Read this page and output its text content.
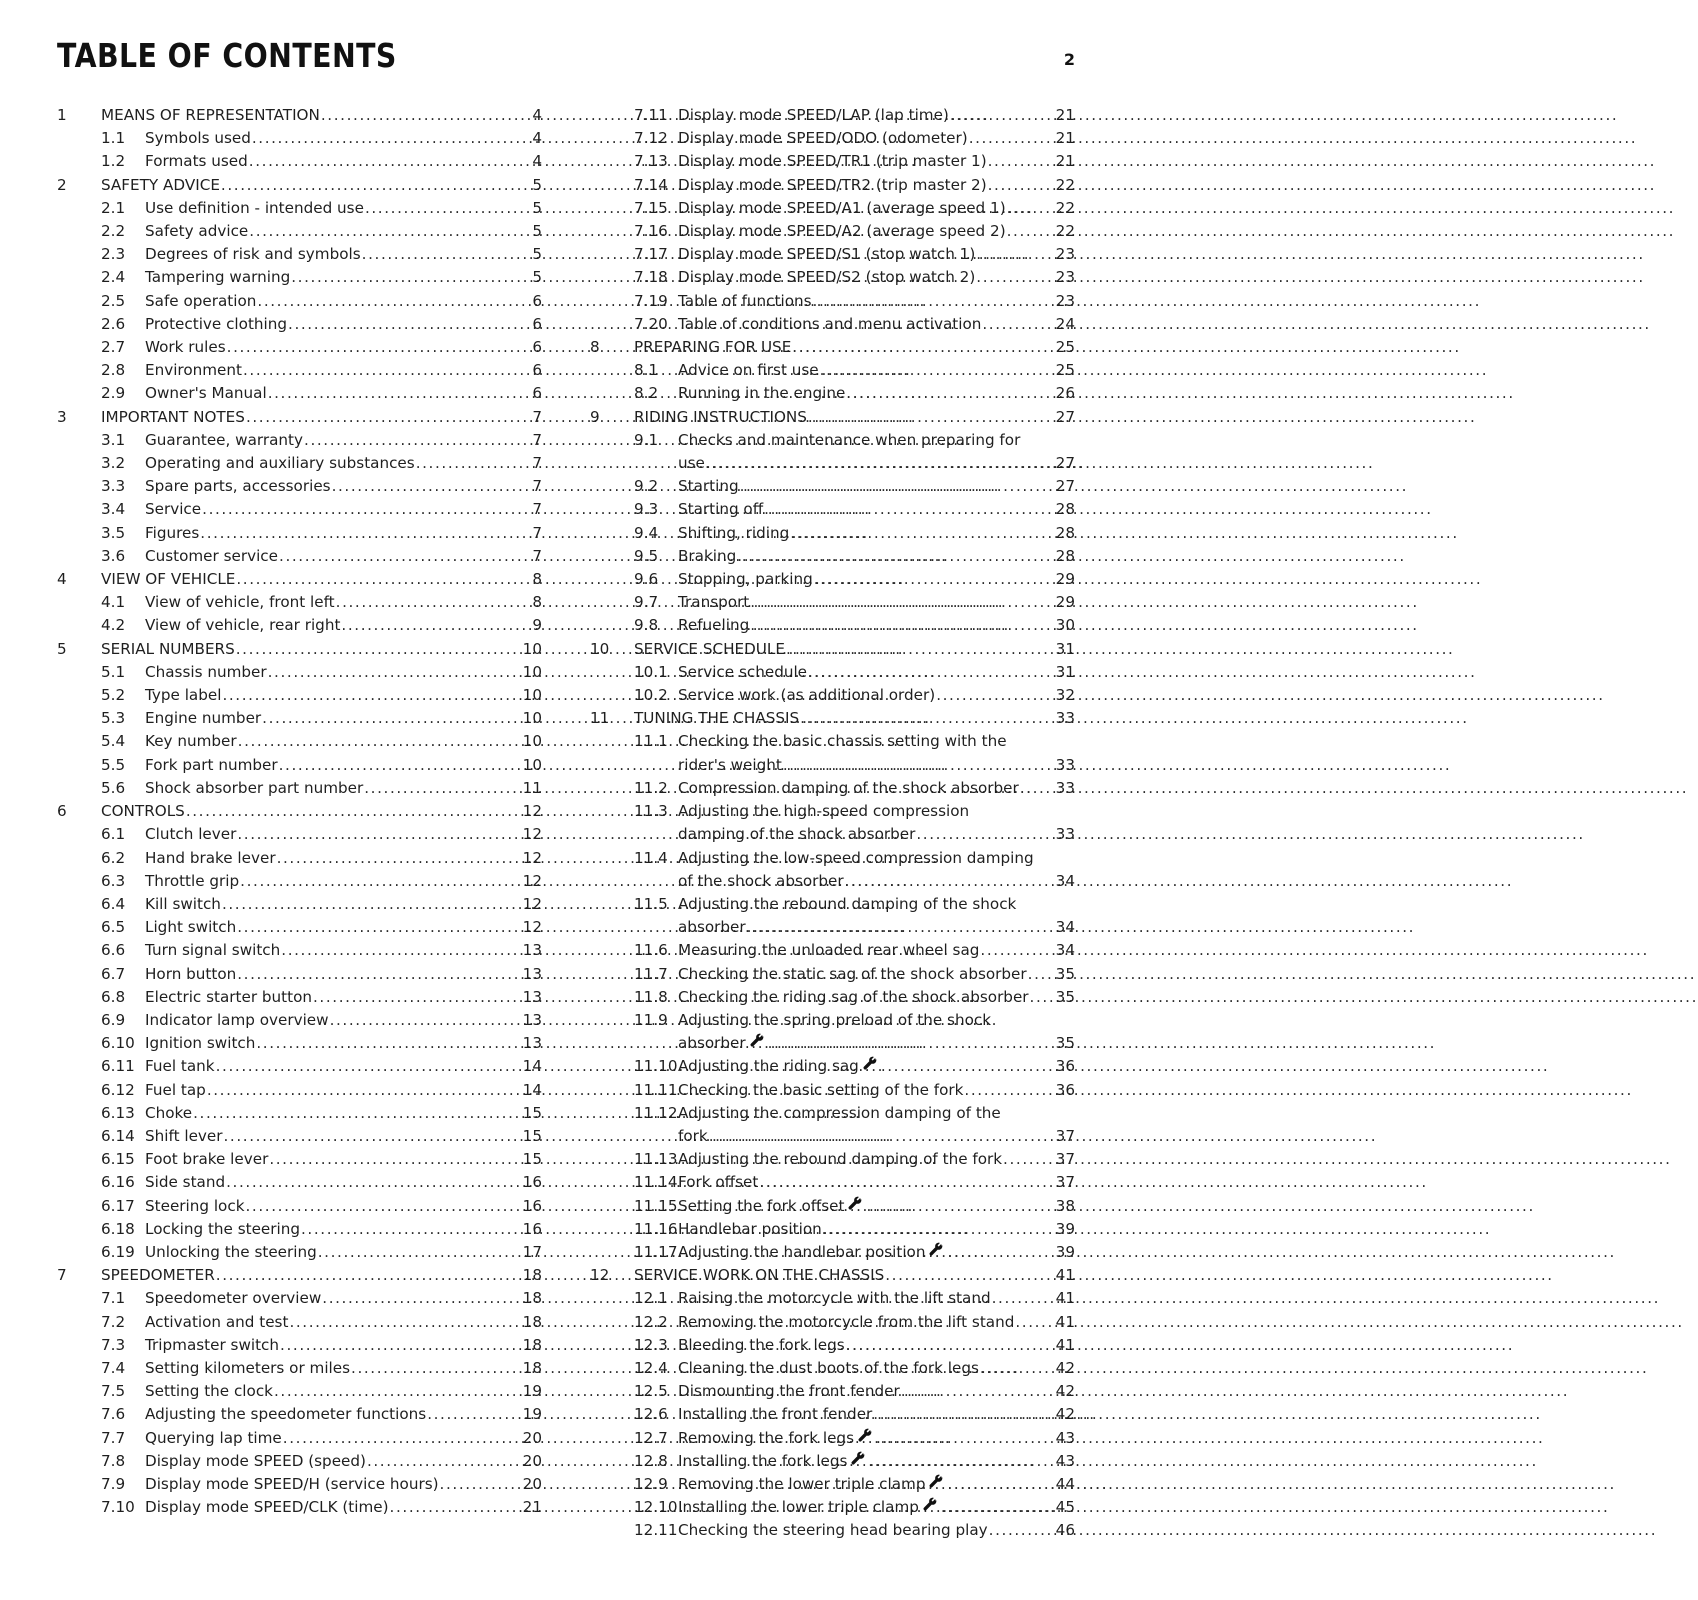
TABLE OF CONTENTS	2
1	MEANS OF REPRESENTATION .....	4
1.1	Symbols used .....	4
1.2	Formats used .....	4
2	SAFETY ADVICE .....	5
2.1	Use definition - intended use .....	5
2.2	Safety advice .....	5
2.3	Degrees of risk and symbols .....	5
2.4	Tampering warning .....	5
2.5	Safe operation .....	6
2.6	Protective clothing .....	6
2.7	Work rules .....	6
2.8	Environment .....	6
2.9	Owner's Manual .....	6
3	IMPORTANT NOTES .....	7
3.1	Guarantee, warranty .....	7
3.2	Operating and auxiliary substances .....	7
3.3	Spare parts, accessories .....	7
3.4	Service .....	7
3.5	Figures .....	7
3.6	Customer service .....	7
4	VIEW OF VEHICLE .....	8
4.1	View of vehicle, front left .....	8
4.2	View of vehicle, rear right .....	9
5	SERIAL NUMBERS .....	10
5.1	Chassis number .....	10
5.2	Type label .....	10
5.3	Engine number .....	10
5.4	Key number .....	10
5.5	Fork part number .....	10
5.6	Shock absorber part number .....	11
6	CONTROLS .....	12
6.1	Clutch lever .....	12
6.2	Hand brake lever .....	12
6.3	Throttle grip .....	12
6.4	Kill switch .....	12
6.5	Light switch .....	12
6.6	Turn signal switch .....	13
6.7	Horn button .....	13
6.8	Electric starter button .....	13
6.9	Indicator lamp overview .....	13
6.10 Ignition switch .....	13
6.11 Fuel tank .....	14
6.12 Fuel tap .....	14
6.13 Choke .....	15
6.14 Shift lever .....	15
6.15 Foot brake lever .....	15
6.16 Side stand .....	16
6.17 Steering lock .....	16
6.18 Locking the steering .....	16
6.19 Unlocking the steering .....	17
7	SPEEDOMETER .....	18
7.1	Speedometer overview .....	18
7.2	Activation and test .....	18
7.3	Tripmaster switch .....	18
7.4	Setting kilometers or miles .....	18
7.5	Setting the clock .....	19
7.6	Adjusting the speedometer functions .....	19
7.7	Querying lap time .....	20
7.8	Display mode SPEED (speed) .....	20
7.9	Display mode SPEED/H (service hours) .....	20
7.10 Display mode SPEED/CLK (time) .....	21
7.11 Display mode SPEED/LAP (lap time) .....	21
7.12 Display mode SPEED/ODO (odometer) .....	21
7.13 Display mode SPEED/TR1 (trip master 1) .....	21
7.14 Display mode SPEED/TR2 (trip master 2) .....	22
7.15 Display mode SPEED/A1 (average speed 1) .....	22
7.16 Display mode SPEED/A2 (average speed 2) .....	22
7.17 Display mode SPEED/S1 (stop watch 1) .....	23
7.18 Display mode SPEED/S2 (stop watch 2) .....	23
7.19 Table of functions .....	23
7.20 Table of conditions and menu activation .....	24
8	PREPARING FOR USE .....	25
8.1	Advice on first use .....	25
8.2	Running in the engine .....	26
9	RIDING INSTRUCTIONS .....	27
9.1	Checks and maintenance when preparing for
use .....	27
9.2	Starting .....	27
9.3	Starting off .....	28
9.4	Shifting, riding .....	28
9.5	Braking .....	28
9.6	Stopping, parking .....	29
9.7	Transport .....	29
9.8	Refueling .....	30
10	SERVICE SCHEDULE .....	31
10.1 Service schedule .....	31
10.2 Service work (as additional order) .....	32
11	TUNING THE CHASSIS .....	33
11.1 Checking the basic chassis setting with the
rider's weight .....	33
11.2 Compression damping of the shock absorber .....	33
11.3 Adjusting the high-speed compression
damping of the shock absorber .....	33
11.4 Adjusting the low-speed compression damping
of the shock absorber .....	34
11.5 Adjusting the rebound damping of the shock
absorber .....	34
11.6 Measuring the unloaded rear wheel sag .....	34
11.7 Checking the static sag of the shock absorber .....	35
11.8 Checking the riding sag of the shock absorber .....	35
11.9 Adjusting the spring preload of the shock
absorber .....	35
11.10 Adjusting the riding sag .....	36
11.11 Checking the basic setting of the fork .....	36
11.12 Adjusting the compression damping of the
fork .....	37
11.13 Adjusting the rebound damping of the fork .....	37
11.14 Fork offset .....	37
11.15 Setting the fork offset .....	38
11.16 Handlebar position .....	39
11.17 Adjusting the handlebar position .....	39
12	SERVICE WORK ON THE CHASSIS .....	41
12.1 Raising the motorcycle with the lift stand .....	41
12.2 Removing the motorcycle from the lift stand .....	41
12.3 Bleeding the fork legs .....	41
12.4 Cleaning the dust boots of the fork legs .....	42
12.5 Dismounting the front fender .....	42
12.6 Installing the front fender .....	42
12.7 Removing the fork legs .....	43
12.8 Installing the fork legs .....	43
12.9 Removing the lower triple clamp .....	44
12.10 Installing the lower triple clamp .....	45
12.11 Checking the steering head bearing play .....	46
